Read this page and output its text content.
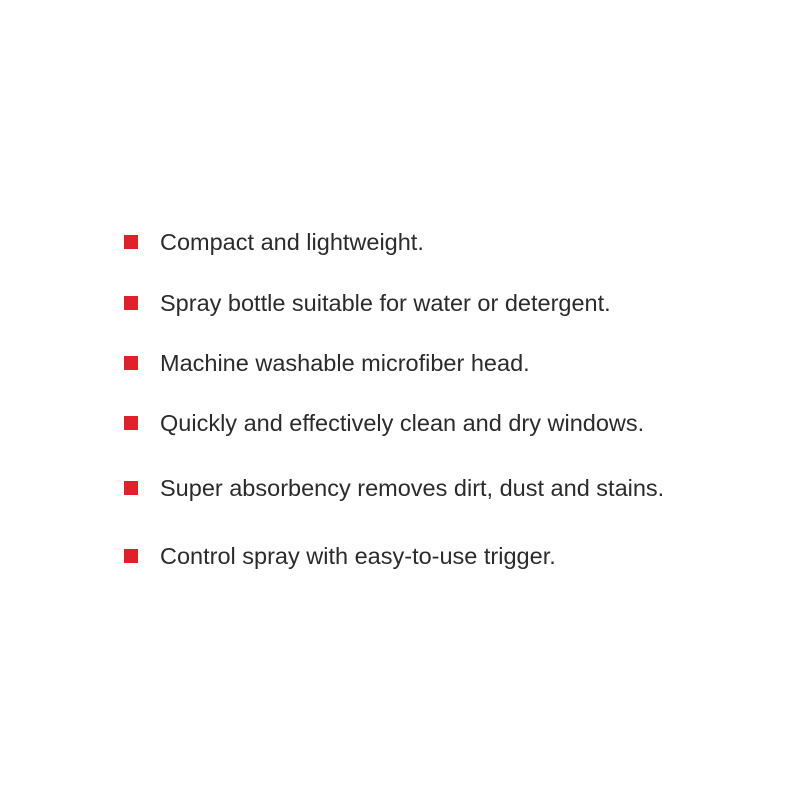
Compact and lightweight.
Spray bottle suitable for water or detergent.
Machine washable microfiber head.
Quickly and effectively clean and dry windows.
Super absorbency removes dirt, dust and stains.
Control spray with easy-to-use trigger.
